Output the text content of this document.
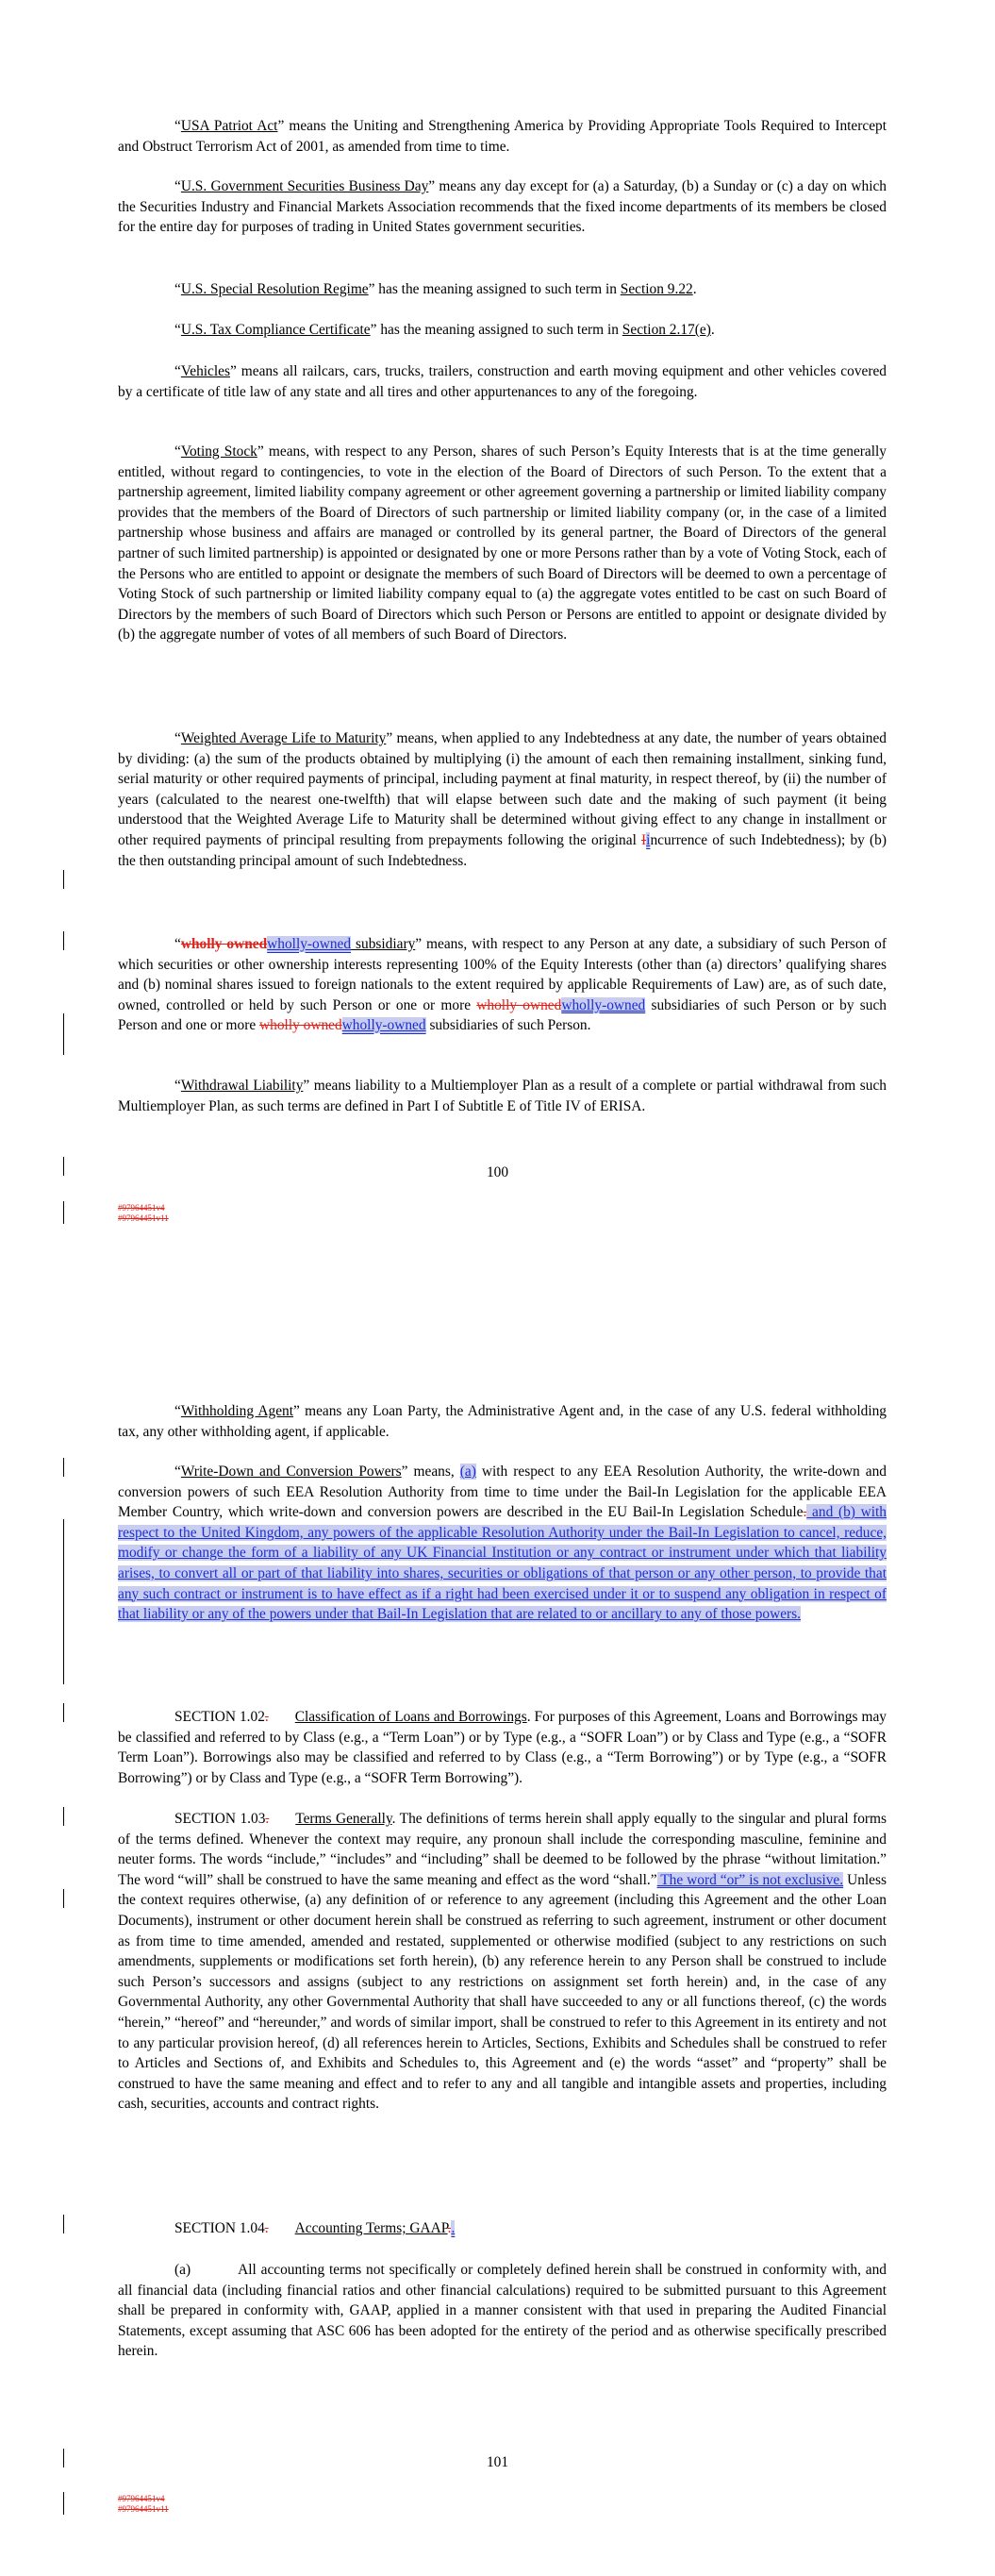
“USA Patriot Act” means the Uniting and Strengthening America by Providing Appropriate Tools Required to Intercept and Obstruct Terrorism Act of 2001, as amended from time to time.

“U.S. Government Securities Business Day” means any day except for (a) a Saturday, (b) a Sunday or (c) a day on which the Securities Industry and Financial Markets Association recommends that the fixed income departments of its members be closed for the entire day for purposes of trading in United States government securities.

“U.S. Special Resolution Regime” has the meaning assigned to such term in Section 9.22.

“U.S. Tax Compliance Certificate” has the meaning assigned to such term in Section 2.17(e).

“Vehicles” means all railcars, cars, trucks, trailers, construction and earth moving equipment and other vehicles covered by a certificate of title law of any state and all tires and other appurtenances to any of the foregoing.

“Voting Stock” means, with respect to any Person, shares of such Person’s Equity Interests that is at the time generally entitled, without regard to contingencies, to vote in the election of the Board of Directors of such Person. To the extent that a partnership agreement, limited liability company agreement or other agreement governing a partnership or limited liability company provides that the members of the Board of Directors of such partnership or limited liability company (or, in the case of a limited partnership whose business and affairs are managed or controlled by its general partner, the Board of Directors of the general partner of such limited partnership) is appointed or designated by one or more Persons rather than by a vote of Voting Stock, each of the Persons who are entitled to appoint or designate the members of such Board of Directors will be deemed to own a percentage of Voting Stock of such partnership or limited liability company equal to (a) the aggregate votes entitled to be cast on such Board of Directors by the members of such Board of Directors which such Person or Persons are entitled to appoint or designate divided by (b) the aggregate number of votes of all members of such Board of Directors.

“Weighted Average Life to Maturity” means, when applied to any Indebtedness at any date, the number of years obtained by dividing: (a) the sum of the products obtained by multiplying (i) the amount of each then remaining installment, sinking fund, serial maturity or other required payments of principal, including payment at final maturity, in respect thereof, by (ii) the number of years (calculated to the nearest one-twelfth) that will elapse between such date and the making of such payment (it being understood that the Weighted Average Life to Maturity shall be determined without giving effect to any change in installment or other required payments of principal resulting from prepayments following the original Iincurrence of such Indebtedness); by (b) the then outstanding principal amount of such Indebtedness.

“wholly ownedwholly-owned subsidiary” means, with respect to any Person at any date, a subsidiary of such Person of which securities or other ownership interests representing 100% of the Equity Interests (other than (a) directors’ qualifying shares and (b) nominal shares issued to foreign nationals to the extent required by applicable Requirements of Law) are, as of such date, owned, controlled or held by such Person or one or more wholly ownedwholly-owned subsidiaries of such Person or by such Person and one or more wholly ownedwholly-owned subsidiaries of such Person.

“Withdrawal Liability” means liability to a Multiemployer Plan as a result of a complete or partial withdrawal from such Multiemployer Plan, as such terms are defined in Part I of Subtitle E of Title IV of ERISA.

100
#97964451v4
#97964451v11

“Withholding Agent” means any Loan Party, the Administrative Agent and, in the case of any U.S. federal withholding tax, any other withholding agent, if applicable.

“Write-Down and Conversion Powers” means, (a) with respect to any EEA Resolution Authority, the write-down and conversion powers of such EEA Resolution Authority from time to time under the Bail-In Legislation for the applicable EEA Member Country, which write-down and conversion powers are described in the EU Bail-In Legislation Schedule. and (b) with respect to the United Kingdom, any powers of the applicable Resolution Authority under the Bail-In Legislation to cancel, reduce, modify or change the form of a liability of any UK Financial Institution or any contract or instrument under which that liability arises, to convert all or part of that liability into shares, securities or obligations of that person or any other person, to provide that any such contract or instrument is to have effect as if a right had been exercised under it or to suspend any obligation in respect of that liability or any of the powers under that Bail-In Legislation that are related to or ancillary to any of those powers.

SECTION 1.02. Classification of Loans and Borrowings. For purposes of this Agreement, Loans and Borrowings may be classified and referred to by Class (e.g., a “Term Loan”) or by Type (e.g., a “SOFR Loan”) or by Class and Type (e.g., a “SOFR Term Loan”). Borrowings also may be classified and referred to by Class (e.g., a “Term Borrowing”) or by Type (e.g., a “SOFR Borrowing”) or by Class and Type (e.g., a “SOFR Term Borrowing”).

SECTION 1.03. Terms Generally. The definitions of terms herein shall apply equally to the singular and plural forms of the terms defined. Whenever the context may require, any pronoun shall include the corresponding masculine, feminine and neuter forms. The words “include,” “includes” and “including” shall be deemed to be followed by the phrase “without limitation.” The word “will” shall be construed to have the same meaning and effect as the word “shall.” The word “or” is not exclusive. Unless the context requires otherwise, (a) any definition of or reference to any agreement (including this Agreement and the other Loan Documents), instrument or other document herein shall be construed as referring to such agreement, instrument or other document as from time to time amended, amended and restated, supplemented or otherwise modified (subject to any restrictions on such amendments, supplements or modifications set forth herein), (b) any reference herein to any Person shall be construed to include such Person’s successors and assigns (subject to any restrictions on assignment set forth herein) and, in the case of any Governmental Authority, any other Governmental Authority that shall have succeeded to any or all functions thereof, (c) the words “herein,” “hereof” and “hereunder,” and words of similar import, shall be construed to refer to this Agreement in its entirety and not to any particular provision hereof, (d) all references herein to Articles, Sections, Exhibits and Schedules shall be construed to refer to Articles and Sections of, and Exhibits and Schedules to, this Agreement and (e) the words “asset” and “property” shall be construed to have the same meaning and effect and to refer to any and all tangible and intangible assets and properties, including cash, securities, accounts and contract rights.

SECTION 1.04. Accounting Terms; GAAP..

(a)	All accounting terms not specifically or completely defined herein shall be construed in conformity with, and all financial data (including financial ratios and other financial calculations) required to be submitted pursuant to this Agreement shall be prepared in conformity with, GAAP, applied in a manner consistent with that used in preparing the Audited Financial Statements, except assuming that ASC 606 has been adopted for the entirety of the period and as otherwise specifically prescribed herein.

101
#97964451v4
#97964451v11
